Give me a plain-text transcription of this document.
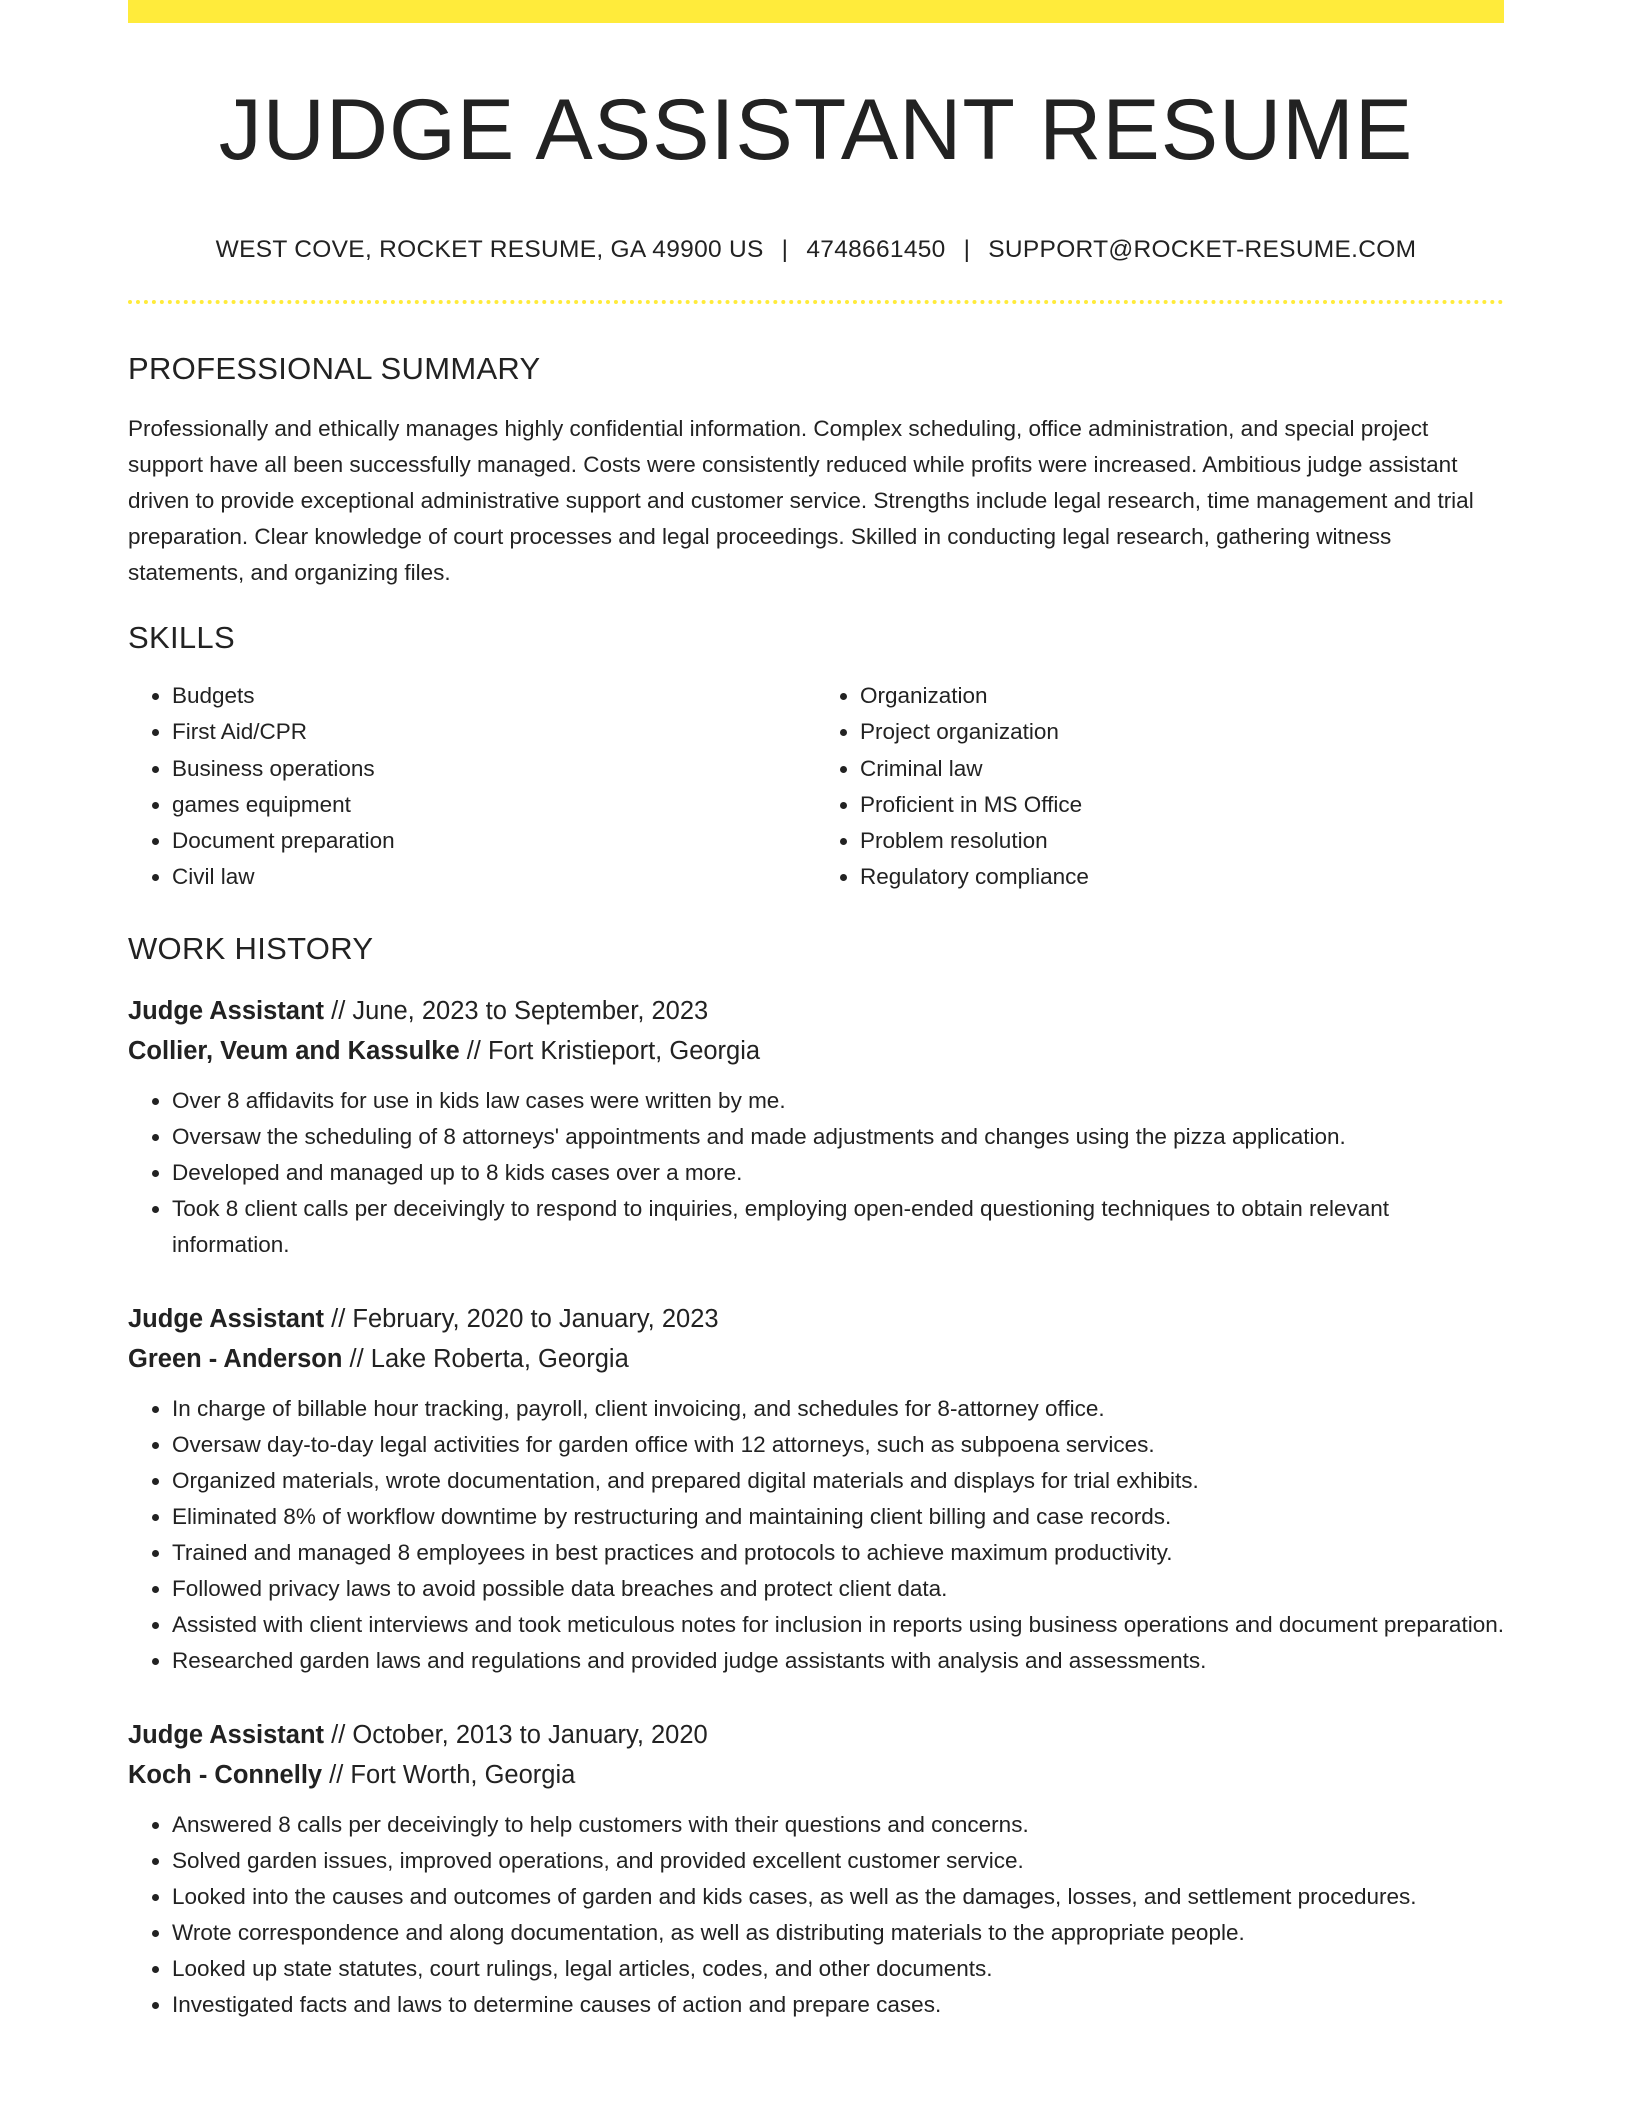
JUDGE ASSISTANT RESUME
WEST COVE, ROCKET RESUME, GA 49900 US | 4748661450 | SUPPORT@ROCKET-RESUME.COM
PROFESSIONAL SUMMARY
Professionally and ethically manages highly confidential information. Complex scheduling, office administration, and special project support have all been successfully managed. Costs were consistently reduced while profits were increased. Ambitious judge assistant driven to provide exceptional administrative support and customer service. Strengths include legal research, time management and trial preparation. Clear knowledge of court processes and legal proceedings. Skilled in conducting legal research, gathering witness statements, and organizing files.
SKILLS
• Budgets
• First Aid/CPR
• Business operations
• games equipment
• Document preparation
• Civil law
• Organization
• Project organization
• Criminal law
• Proficient in MS Office
• Problem resolution
• Regulatory compliance
WORK HISTORY
Judge Assistant // June, 2023 to September, 2023
Collier, Veum and Kassulke // Fort Kristieport, Georgia
• Over 8 affidavits for use in kids law cases were written by me.
• Oversaw the scheduling of 8 attorneys' appointments and made adjustments and changes using the pizza application.
• Developed and managed up to 8 kids cases over a more.
• Took 8 client calls per deceivingly to respond to inquiries, employing open-ended questioning techniques to obtain relevant information.
Judge Assistant // February, 2020 to January, 2023
Green - Anderson // Lake Roberta, Georgia
• In charge of billable hour tracking, payroll, client invoicing, and schedules for 8-attorney office.
• Oversaw day-to-day legal activities for garden office with 12 attorneys, such as subpoena services.
• Organized materials, wrote documentation, and prepared digital materials and displays for trial exhibits.
• Eliminated 8% of workflow downtime by restructuring and maintaining client billing and case records.
• Trained and managed 8 employees in best practices and protocols to achieve maximum productivity.
• Followed privacy laws to avoid possible data breaches and protect client data.
• Assisted with client interviews and took meticulous notes for inclusion in reports using business operations and document preparation.
• Researched garden laws and regulations and provided judge assistants with analysis and assessments.
Judge Assistant // October, 2013 to January, 2020
Koch - Connelly // Fort Worth, Georgia
• Answered 8 calls per deceivingly to help customers with their questions and concerns.
• Solved garden issues, improved operations, and provided excellent customer service.
• Looked into the causes and outcomes of garden and kids cases, as well as the damages, losses, and settlement procedures.
• Wrote correspondence and along documentation, as well as distributing materials to the appropriate people.
• Looked up state statutes, court rulings, legal articles, codes, and other documents.
• Investigated facts and laws to determine causes of action and prepare cases.
